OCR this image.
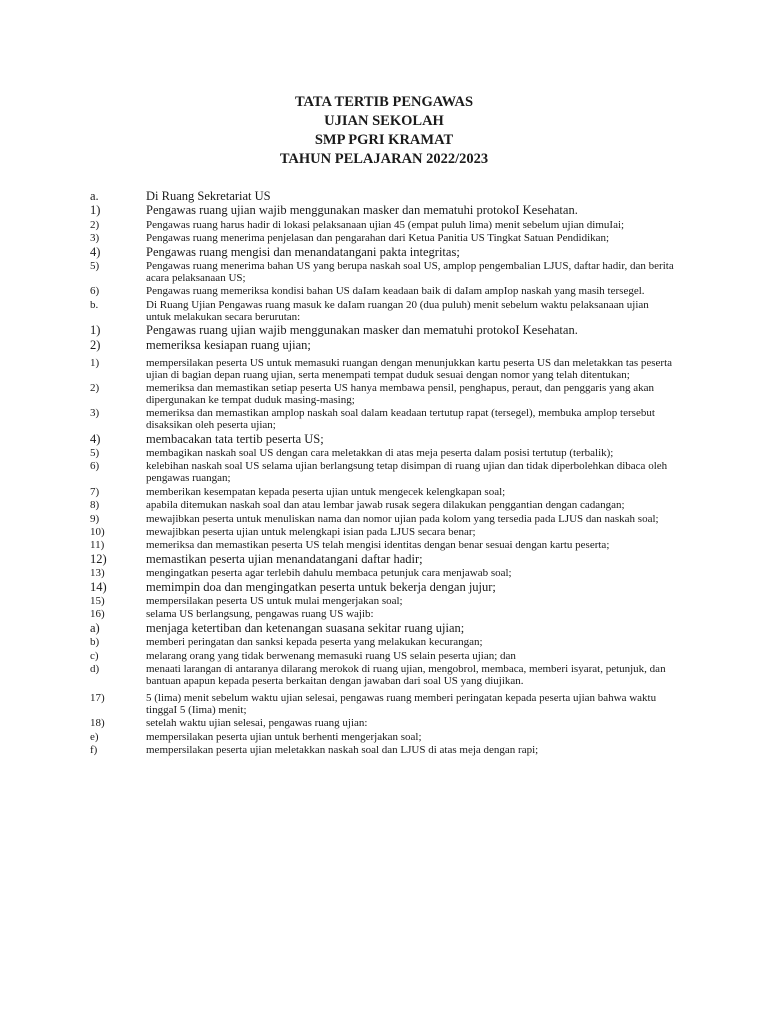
TATA TERTIB PENGAWAS
UJIAN SEKOLAH
SMP PGRI KRAMAT
TAHUN PELAJARAN 2022/2023
a.	Di Ruang Sekretariat US
1)	Pengawas ruang ujian wajib menggunakan masker dan mematuhi protokoI Kesehatan.
2)	Pengawas ruang harus hadir di lokasi pelaksanaan ujian 45 (empat puluh lima) menit sebelum ujian dimuIai;
3)	Pengawas ruang menerima penjelasan dan pengarahan dari Ketua Panitia US Tingkat Satuan Pendidikan;
4)	Pengawas ruang mengisi dan menandatangani pakta integritas;
5)	Pengawas ruang menerima bahan US yang berupa naskah soal US, amplop pengembalian LJUS, daftar hadir, dan berita acara pelaksanaan US;
6)	Pengawas ruang memeriksa kondisi bahan US daIam keadaan baik di daIam ampIop naskah yang masih tersegel.
b.	Di Ruang Ujian Pengawas ruang masuk ke daIam ruangan 20 (dua puluh) menit sebelum waktu pelaksanaan ujian untuk melakukan secara berurutan:
1)	Pengawas ruang ujian wajib menggunakan masker dan mematuhi protokoI Kesehatan.
2)	memeriksa kesiapan ruang ujian;
1)	mempersilakan peserta US untuk memasuki ruangan dengan menunjukkan kartu peserta US dan meletakkan tas peserta ujian di bagian depan ruang ujian, serta menempati tempat duduk sesuai dengan nomor yang telah ditentukan;
2)	memeriksa dan memastikan setiap peserta US hanya membawa pensil, penghapus, peraut, dan penggaris yang akan dipergunakan ke tempat duduk masing-masing;
3)	memeriksa dan memastikan amplop naskah soal dalam keadaan tertutup rapat (tersegel), membuka amplop tersebut disaksikan oleh peserta ujian;
4)	membacakan tata tertib peserta US;
5)	membagikan naskah soal US dengan cara meletakkan di atas meja peserta dalam posisi tertutup (terbalik);
6)	kelebihan naskah soal US selama ujian berlangsung tetap disimpan di ruang ujian dan tidak diperbolehkan dibaca oleh pengawas ruangan;
7)	memberikan kesempatan kepada peserta ujian untuk mengecek kelengkapan soal;
8)	apabila ditemukan naskah soal dan atau lembar jawab rusak segera dilakukan penggantian dengan cadangan;
9)	mewajibkan peserta untuk menuliskan nama dan nomor ujian pada kolom yang tersedia pada LJUS dan naskah soal;
10)	mewajibkan peserta ujian untuk melengkapi isian pada LJUS secara benar;
11)	memeriksa dan memastikan peserta US telah mengisi identitas dengan benar sesuai dengan kartu peserta;
12)	memastikan peserta ujian menandatangani daftar hadir;
13)	mengingatkan peserta agar terlebih dahulu membaca petunjuk cara menjawab soal;
14)	memimpin doa dan mengingatkan peserta untuk bekerja dengan jujur;
15)	mempersilakan peserta US untuk mulai mengerjakan soal;
16)	selama US berlangsung, pengawas ruang US wajib:
a)	menjaga ketertiban dan ketenangan suasana sekitar ruang ujian;
b)	memberi peringatan dan sanksi kepada peserta yang melakukan kecurangan;
c)	melarang orang yang tidak berwenang memasuki ruang US selain peserta ujian; dan
d)	menaati larangan di antaranya dilarang merokok di ruang ujian, mengobrol, membaca, memberi isyarat, petunjuk, dan bantuan apapun kepada peserta berkaitan dengan jawaban dari soal US yang diujikan.
17)	5 (lima) menit sebelum waktu ujian selesai, pengawas ruang memberi peringatan kepada peserta ujian bahwa waktu tinggaI 5 (Iima) menit;
18)	setelah waktu ujian selesai, pengawas ruang ujian:
e)	mempersilakan peserta ujian untuk berhenti mengerjakan soal;
f)	mempersilakan peserta ujian meletakkan naskah soal dan LJUS di atas meja dengan rapi;
